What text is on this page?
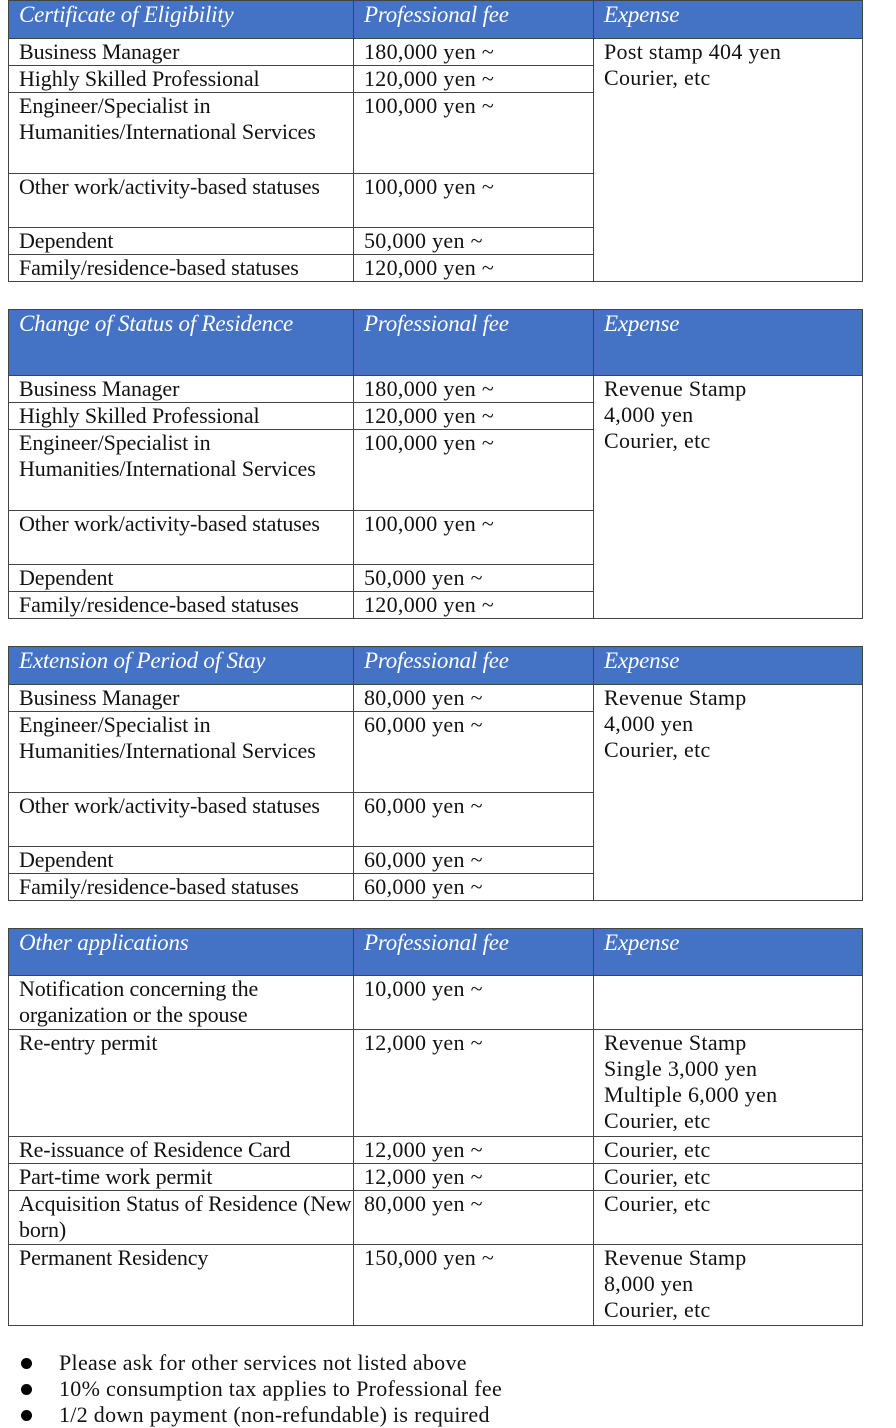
Certificate of Eligibility	Professional fee	Expense
Business Manager	180,000 yen ~	Post stamp 404 yen
Courier, etc

Highly Skilled Professional	120,000 yen ~	
Engineer/Specialist in Humanities/International Services	100,000 yen ~	
Other work/activity-based statuses	100,000 yen ~	
Dependent	50,000 yen ~	
Family/residence-based statuses	120,000 yen ~	
Change of Status of Residence	Professional fee	Expense
Business Manager	180,000 yen ~	Revenue Stamp
4,000 yen
Courier, etc

Highly Skilled Professional	120,000 yen ~	
Engineer/Specialist in Humanities/International Services	100,000 yen ~	
Other work/activity-based statuses	100,000 yen ~	
Dependent	50,000 yen ~	
Family/residence-based statuses	120,000 yen ~	
Extension of Period of Stay	Professional fee	Expense
Business Manager	80,000 yen ~	Revenue Stamp
4,000 yen
Courier, etc

Engineer/Specialist in Humanities/International Services	60,000 yen ~	
Other work/activity-based statuses	60,000 yen ~	
Dependent	60,000 yen ~	
Family/residence-based statuses	60,000 yen ~	
Other applications	Professional fee	Expense
Notification concerning the organization or the spouse	10,000 yen ~	
Re-entry permit	12,000 yen ~	Revenue Stamp
Single 3,000 yen
Multiple 6,000 yen
Courier, etc

Re-issuance of Residence Card	12,000 yen ~	Courier, etc

Part-time work permit	12,000 yen ~	Courier, etc

Acquisition Status of Residence (New born)	80,000 yen ~	Courier, etc

Permanent Residency	150,000 yen ~	Revenue Stamp
8,000 yen
Courier, etc
Please ask for other services not listed above
10% consumption tax applies to Professional fee
1/2 down payment (non-refundable) is required
